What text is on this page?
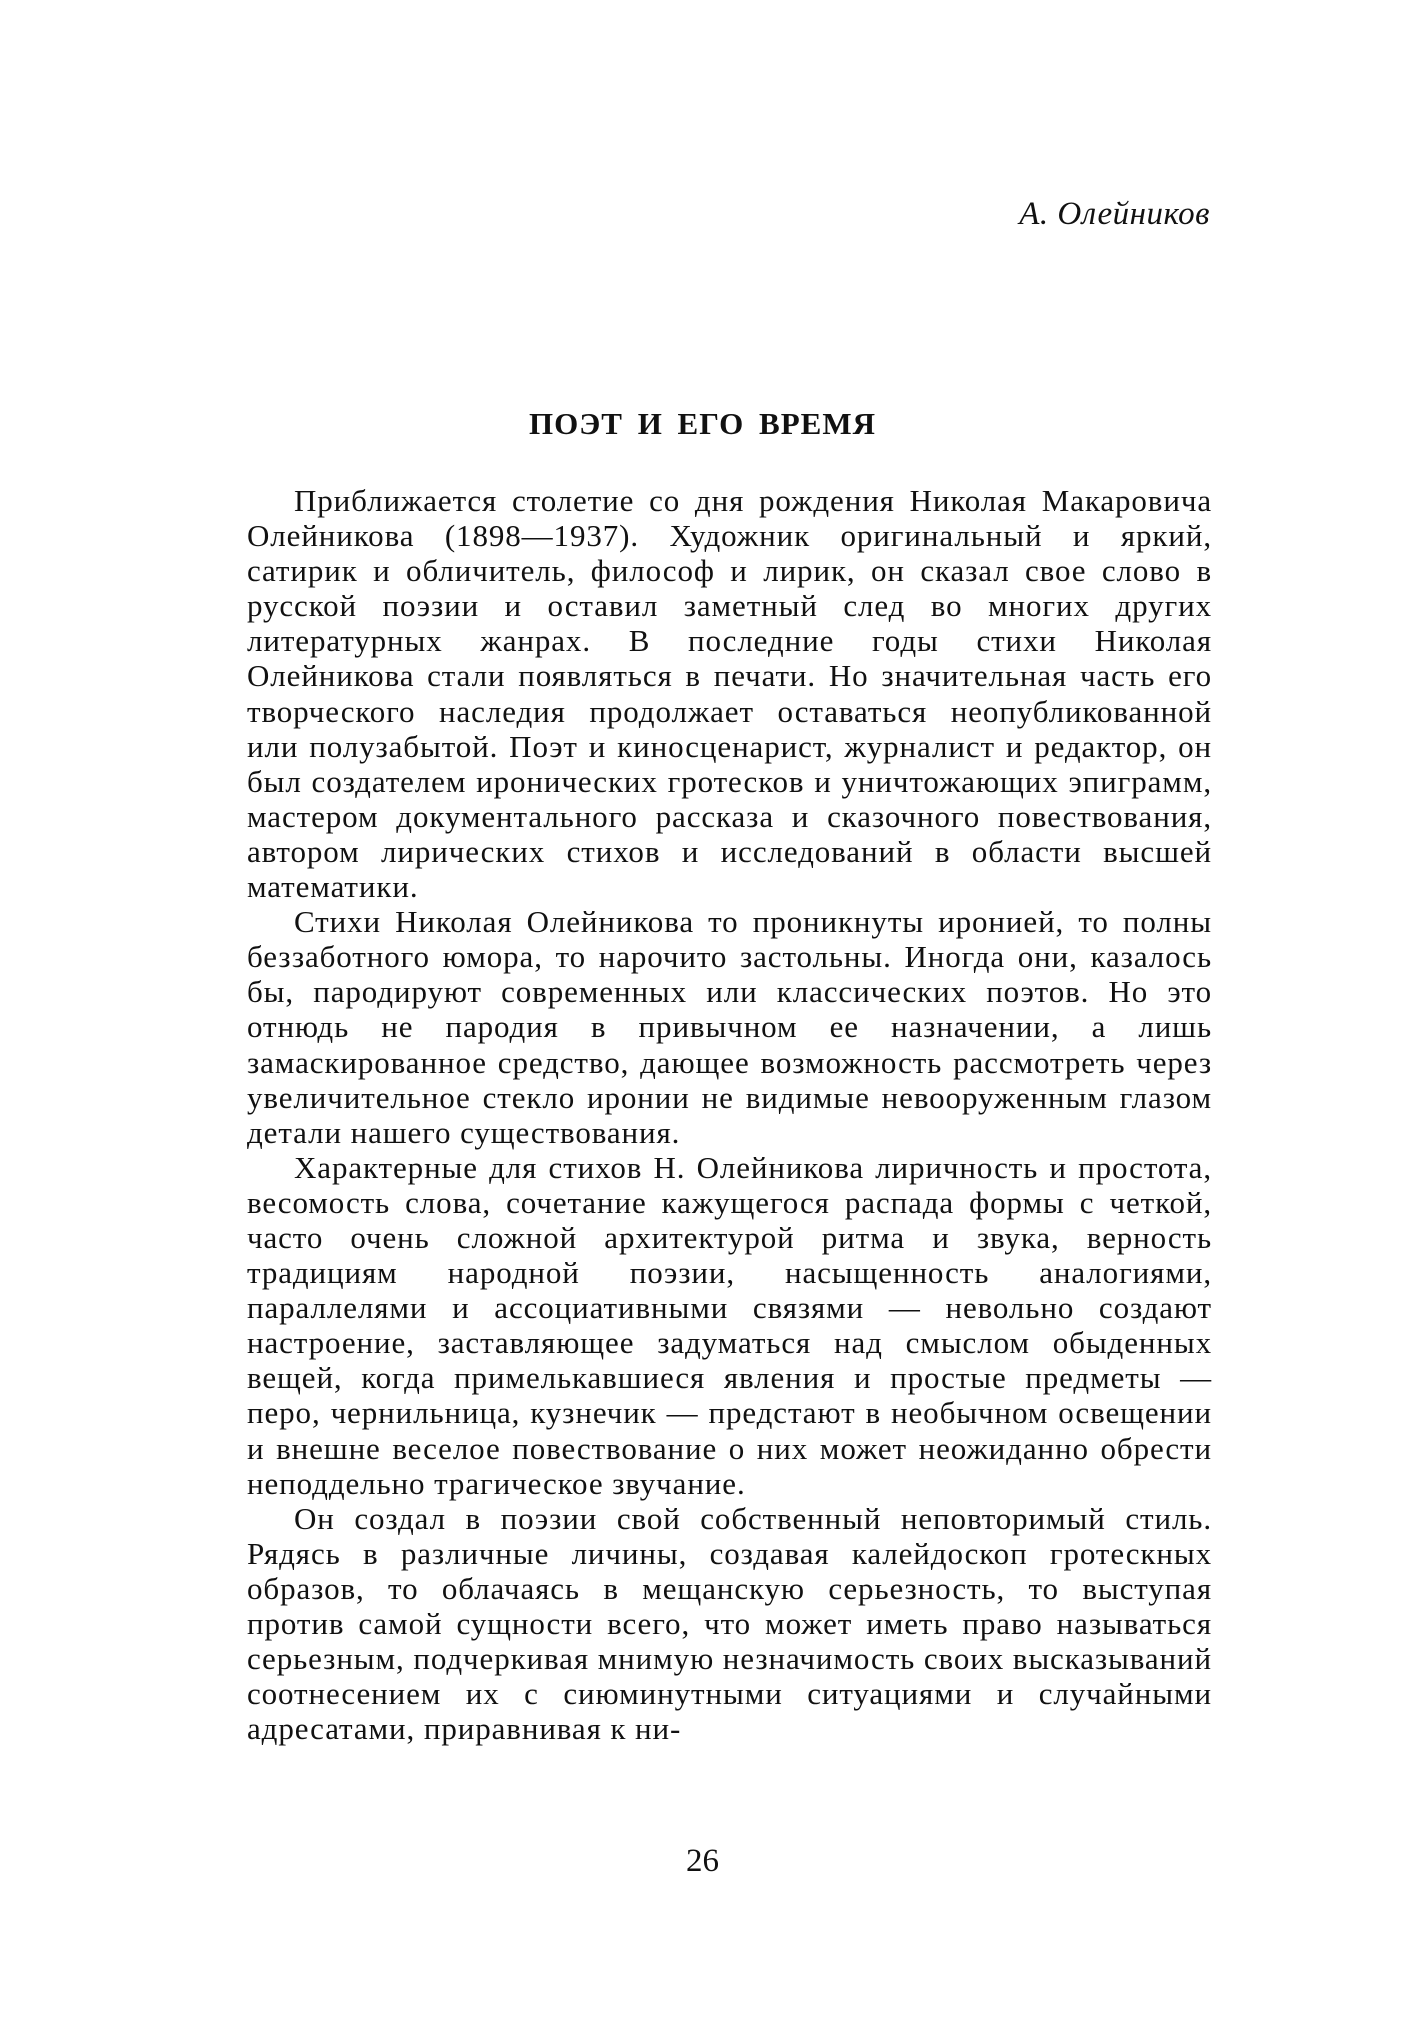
А. Олейников
ПОЭТ И ЕГО ВРЕМЯ

Приближается столетие со дня рождения Николая Макаровича Олейникова (1898—1937). Художник оригинальный и яркий, сатирик и обличитель, философ и лирик, он сказал свое слово в русской поэзии и оставил заметный след во многих других литературных жанрах. В последние годы стихи Николая Олейникова стали появляться в печати. Но значительная часть его творческого наследия продолжает оставаться неопубликованной или полузабытой. Поэт и киносценарист, журналист и редактор, он был создателем иронических гротесков и уничтожающих эпиграмм, мастером документального рассказа и сказочного повествования, автором лирических стихов и исследований в области высшей математики.

Стихи Николая Олейникова то проникнуты иронией, то полны беззаботного юмора, то нарочито застольны. Иногда они, казалось бы, пародируют современных или классических поэтов. Но это отнюдь не пародия в привычном ее назначении, а лишь замаскированное средство, дающее возможность рассмотреть через увеличительное стекло иронии не видимые невооруженным глазом детали нашего существования.

Характерные для стихов Н. Олейникова лиричность и простота, весомость слова, сочетание кажущегося распада формы с четкой, часто очень сложной архитектурой ритма и звука, верность традициям народной поэзии, насыщенность аналогиями, параллелями и ассоциативными связями — невольно создают настроение, заставляющее задуматься над смыслом обыденных вещей, когда примелькавшиеся явления и простые предметы — перо, чернильница, кузнечик — предстают в необычном освещении и внешне веселое повествование о них может неожиданно обрести неподдельно трагическое звучание.

Он создал в поэзии свой собственный неповторимый стиль. Рядясь в различные личины, создавая калейдоскоп гротескных образов, то облачаясь в мещанскую серьезность, то выступая против самой сущности всего, что может иметь право называться серьезным, подчеркивая мнимую незначимость своих высказываний соотнесением их с сиюминутными ситуациями и случайными адресатами, приравнивая к ни-

26
